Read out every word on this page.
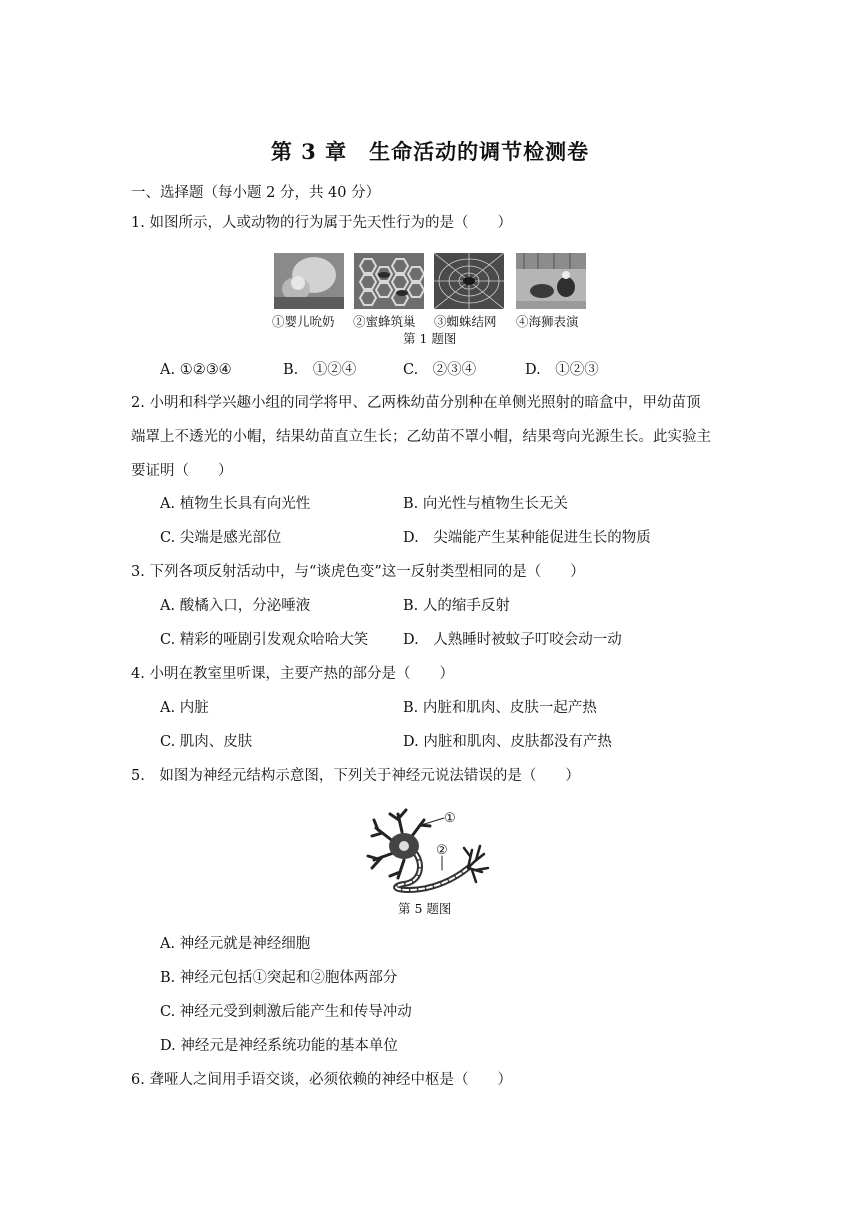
第 3 章　生命活动的调节检测卷
一、选择题（每小题 2 分，共 40 分）
1. 如图所示，人或动物的行为属于先天性行为的是（　　）
①婴儿吮奶 ②蜜蜂筑巢 ③蜘蛛结网 ④海狮表演
第 1 题图
A. ①②③④	B.　①②④	C.　②③④	D.　①②③
2. 小明和科学兴趣小组的同学将甲、乙两株幼苗分别种在单侧光照射的暗盒中，甲幼苗顶
端罩上不透光的小帽，结果幼苗直立生长；乙幼苗不罩小帽，结果弯向光源生长。此实验主
要证明（　　）
A. 植物生长具有向光性	B. 向光性与植物生长无关
C. 尖端是感光部位	D.　尖端能产生某种能促进生长的物质
3. 下列各项反射活动中，与“谈虎色变”这一反射类型相同的是（　　）
A. 酸橘入口，分泌唾液	B. 人的缩手反射
C. 精彩的哑剧引发观众哈哈大笑 D.　人熟睡时被蚊子叮咬会动一动
4. 小明在教室里听课，主要产热的部分是（　　）
A. 内脏	B. 内脏和肌肉、皮肤一起产热
C. 肌肉、皮肤	D. 内脏和肌肉、皮肤都没有产热
5.　如图为神经元结构示意图，下列关于神经元说法错误的是（　　）
①
②
第 5 题图
A. 神经元就是神经细胞
B. 神经元包括①突起和②胞体两部分
C. 神经元受到刺激后能产生和传导冲动
D. 神经元是神经系统功能的基本单位
6. 聋哑人之间用手语交谈，必须依赖的神经中枢是（　　）
